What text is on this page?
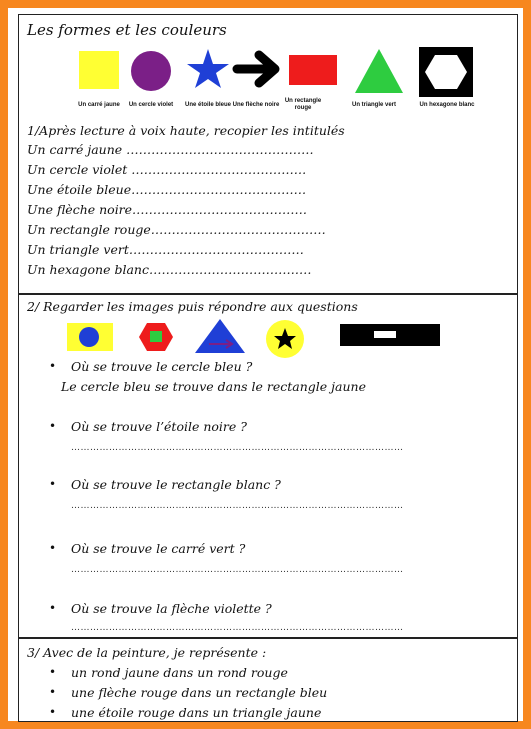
Les formes et les couleurs
Un carré jaune	Un cercle violet	Une étoile bleue Une flèche noire
Un rectangle rouge	Un triangle vert	Un hexagone blanc
1/Après lecture à voix haute, recopier les intitulés
Un carré jaune ………………………………………
Un cercle violet ……………………………………
Une étoile bleue……………………………………
Une flèche noire……………………………………
Un rectangle rouge……………………………………
Un triangle vert……………………………………
Un hexagone blanc…………………………………
2/ Regarder les images puis répondre aux questions
• Où se trouve le cercle bleu ?
Le cercle bleu se trouve dans le rectangle jaune
• Où se trouve l’étoile noire ?
……………………………………………………………………………………………
• Où se trouve le rectangle blanc ?
……………………………………………………………………………………………
• Où se trouve le carré vert ?
……………………………………………………………………………………………
• Où se trouve la flèche violette ?
……………………………………………………………………………………………
3/ Avec de la peinture, je représente :
• un rond jaune dans un rond rouge
• une flèche rouge dans un rectangle bleu
• une étoile rouge dans un triangle jaune
